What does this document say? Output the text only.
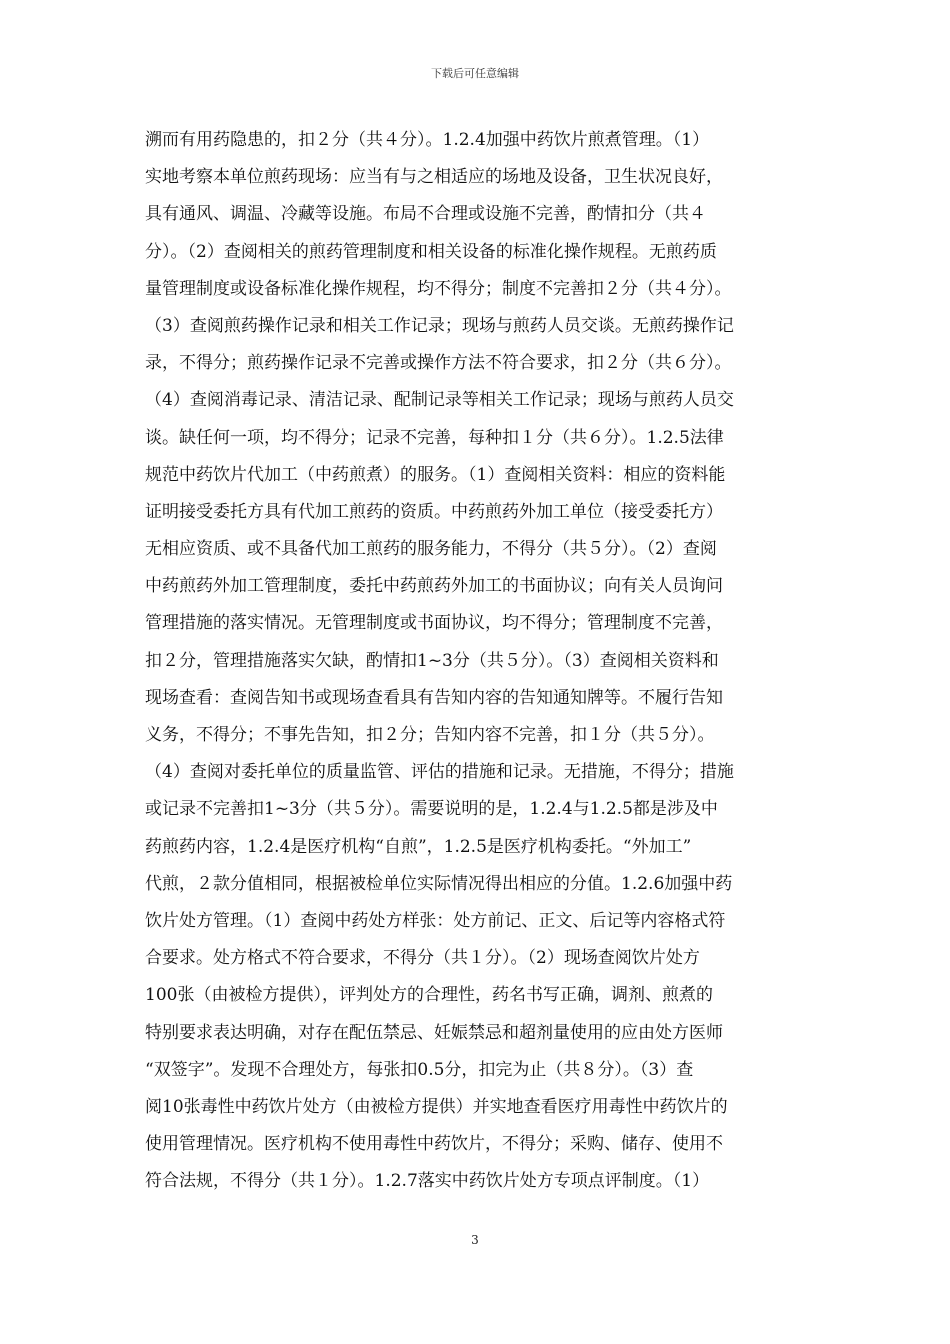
下载后可任意编辑
溯而有用药隐患的，扣２分（共４分）。1.2.4加强中药饮片煎煮管理。（1）
实地考察本单位煎药现场：应当有与之相适应的场地及设备，卫生状况良好，
具有通风、调温、冷藏等设施。布局不合理或设施不完善，酌情扣分（共４
分）。（2）查阅相关的煎药管理制度和相关设备的标准化操作规程。无煎药质
量管理制度或设备标准化操作规程，均不得分；制度不完善扣２分（共４分）。
（3）查阅煎药操作记录和相关工作记录；现场与煎药人员交谈。无煎药操作记
录，不得分；煎药操作记录不完善或操作方法不符合要求，扣２分（共６分）。
（4）查阅消毒记录、清洁记录、配制记录等相关工作记录；现场与煎药人员交
谈。缺任何一项，均不得分；记录不完善，每种扣１分（共６分）。1.2.5法律
规范中药饮片代加工（中药煎煮）的服务。（1）查阅相关资料：相应的资料能
证明接受委托方具有代加工煎药的资质。中药煎药外加工单位（接受委托方）
无相应资质、或不具备代加工煎药的服务能力，不得分（共５分）。（2）查阅
中药煎药外加工管理制度，委托中药煎药外加工的书面协议；向有关人员询问
管理措施的落实情况。无管理制度或书面协议，均不得分；管理制度不完善，
扣２分，管理措施落实欠缺，酌情扣1~3分（共５分）。（3）查阅相关资料和
现场查看：查阅告知书或现场查看具有告知内容的告知通知牌等。不履行告知
义务，不得分；不事先告知，扣２分；告知内容不完善，扣１分（共５分）。
（4）查阅对委托单位的质量监管、评估的措施和记录。无措施，不得分；措施
或记录不完善扣1~3分（共５分）。需要说明的是，1.2.4与1.2.5都是涉及中
药煎药内容，1.2.4是医疗机构“自煎”，1.2.5是医疗机构委托。“外加工”
代煎，２款分值相同，根据被检单位实际情况得出相应的分值。1.2.6加强中药
饮片处方管理。（1）查阅中药处方样张：处方前记、正文、后记等内容格式符
合要求。处方格式不符合要求，不得分（共１分）。（2）现场查阅饮片处方
100张（由被检方提供），评判处方的合理性，药名书写正确，调剂、煎煮的
特别要求表达明确，对存在配伍禁忌、妊娠禁忌和超剂量使用的应由处方医师
“双签字”。发现不合理处方，每张扣0.5分，扣完为止（共８分）。（3）查
阅10张毒性中药饮片处方（由被检方提供）并实地查看医疗用毒性中药饮片的
使用管理情况。医疗机构不使用毒性中药饮片，不得分；采购、储存、使用不
符合法规，不得分（共１分）。1.2.7落实中药饮片处方专项点评制度。（1）
3
